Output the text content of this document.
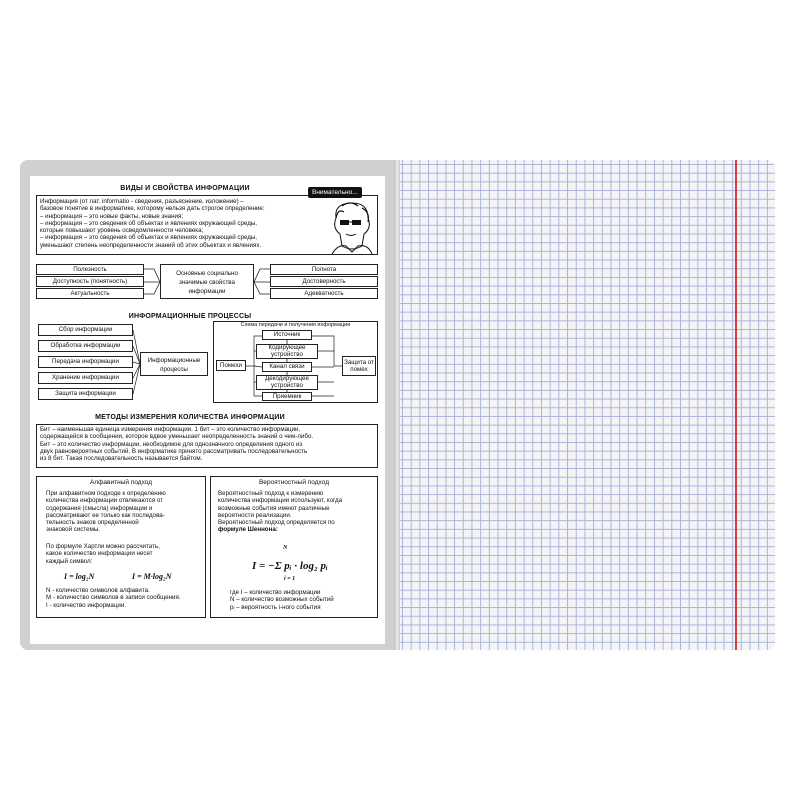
ВИДЫ И СВОЙСТВА ИНФОРМАЦИИ
Информация (от лат. informatio - сведения, разъяснение, изложение) –
базовое понятие в информатике, которому нельзя дать строгое определение:
– информация – это новые факты, новые знания;
– информация – это сведения об объектах и явлениях окружающей среды,
которые повышают уровень осведомленности человека;
– информация – это сведения об объектах и явлениях окружающей среды,
уменьшают степень неопределенности знаний об этих объектах и явлениях.
Внимательно...
Полезность
Доступность (понятность)
Актуальность
Основные социально значимые свойства информации
Полнота
Достоверность
Адекватность
ИНФОРМАЦИОННЫЕ ПРОЦЕССЫ
Сбор информации
Обработка информации
Передача информации
Хранение информации
Защита информации
Информационные процессы
Схема передачи и получения информации
Помехи	Защита от помех
Источник
Кодирующее устройство
Канал связи
Декодирующее устройство
Приемник
МЕТОДЫ ИЗМЕРЕНИЯ КОЛИЧЕСТВА ИНФОРМАЦИИ
Бит – наименьшая единица измерения информации. 1 бит – это количество информации,
содержащейся в сообщении, которое вдвое уменьшает неопределенность знаний о чем-либо.
Бит – это количество информации, необходимое для однозначного определения одного из
двух равновероятных событий. В информатике принято рассматривать последовательность
из 8 бит. Такая последовательность называется байтом.
Алфавитный подход
При алфавитном подходе к определению
количества информации отвлекаются от
содержания (смысла) информации и
рассматривают ее только как последова-
тельность знаков определенной
знаковой системы.
По формуле Хартли можно рассчитать,
какое количество информации несет
каждый символ:
I = log₂N	I = M·log₂N
N - количество символов алфавита.
M - количество символов в записи сообщения.
I - количество информации.
Вероятностный подход
Вероятностный подход к измерению
количества информации используют, когда
возможные события имеют различные
вероятности реализации.
Вероятностный подход определяется по
формуле Шеннона:
N
I = −Σ pᵢ · log₂ pᵢ
i = 1
где I – количество информации
N – количество возможных событий
pᵢ – вероятность i-ного события
